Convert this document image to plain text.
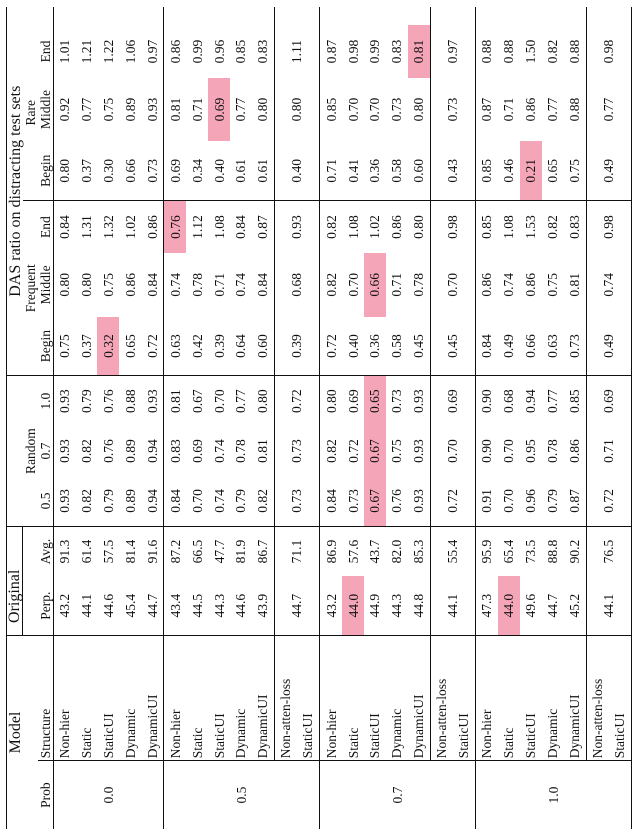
Model		Original					DAS ratio on distracting test sets						
				Random			Frequent			Rare			
Prob	Structure	Perp.	Avg.	0.5	0.7	1.0	Begin	Middle	End	Begin	Middle	End	
0.0	Non-hier	43.2	91.3	0.93	0.93	0.93	0.75	0.80	0.84	0.80	0.92	1.01	
	Static	44.1	61.4	0.82	0.82	0.79	0.37	0.80	1.31	0.37	0.77	1.21	
	StaticUI	44.6	57.5	0.79	0.76	0.76	0.32	0.75	1.32	0.30	0.75	1.22	
	Dynamic	45.4	81.4	0.89	0.89	0.88	0.65	0.86	1.02	0.66	0.89	1.06	
	DynamicUI	44.7	91.6	0.94	0.94	0.93	0.72	0.84	0.86	0.73	0.93	0.97	
0.5	Non-hier	43.4	87.2	0.84	0.83	0.81	0.63	0.74	0.76	0.69	0.81	0.86	
	Static	44.5	66.5	0.70	0.69	0.67	0.42	0.78	1.12	0.34	0.71	0.99	
	StaticUI	44.3	47.7	0.74	0.74	0.70	0.39	0.71	1.08	0.40	0.69	0.96	
	Dynamic	44.6	81.9	0.79	0.78	0.77	0.64	0.74	0.84	0.61	0.77	0.85	
	DynamicUI	43.9	86.7	0.82	0.81	0.80	0.60	0.84	0.87	0.61	0.80	0.83	
	Non-atten-loss	44.7	71.1	0.73	0.73	0.72	0.39	0.68	0.93	0.40	0.80	1.11	
	StaticUI												
0.7	Non-hier	43.2	86.9	0.84	0.82	0.80	0.72	0.82	0.82	0.71	0.85	0.87	
	Static	44.0	57.6	0.73	0.72	0.69	0.40	0.70	1.08	0.41	0.70	0.98	
	StaticUI	44.9	43.7	0.67	0.67	0.65	0.36	0.66	1.02	0.36	0.70	0.99	
	Dynamic	44.3	82.0	0.76	0.75	0.73	0.58	0.71	0.86	0.58	0.73	0.83	
	DynamicUI	44.8	85.3	0.93	0.93	0.93	0.45	0.78	0.80	0.60	0.80	0.81	
	Non-atten-loss	44.1	55.4	0.72	0.70	0.69	0.45	0.70	0.98	0.43	0.73	0.97	
	StaticUI												
1.0	Non-hier	47.3	95.9	0.91	0.90	0.90	0.84	0.86	0.85	0.85	0.87	0.88	
	Static	44.0	65.4	0.70	0.70	0.68	0.49	0.74	1.08	0.46	0.71	0.88	
	StaticUI	49.6	73.5	0.96	0.95	0.94	0.66	0.86	1.53	0.21	0.86	1.50	
	Dynamic	44.7	88.8	0.79	0.78	0.77	0.63	0.75	0.82	0.65	0.77	0.82	
	DynamicUI	45.2	90.2	0.87	0.86	0.85	0.73	0.81	0.83	0.75	0.88	0.88	
	Non-atten-loss	44.1	76.5	0.72	0.71	0.69	0.49	0.74	0.98	0.49	0.77	0.98	
	StaticUI												
